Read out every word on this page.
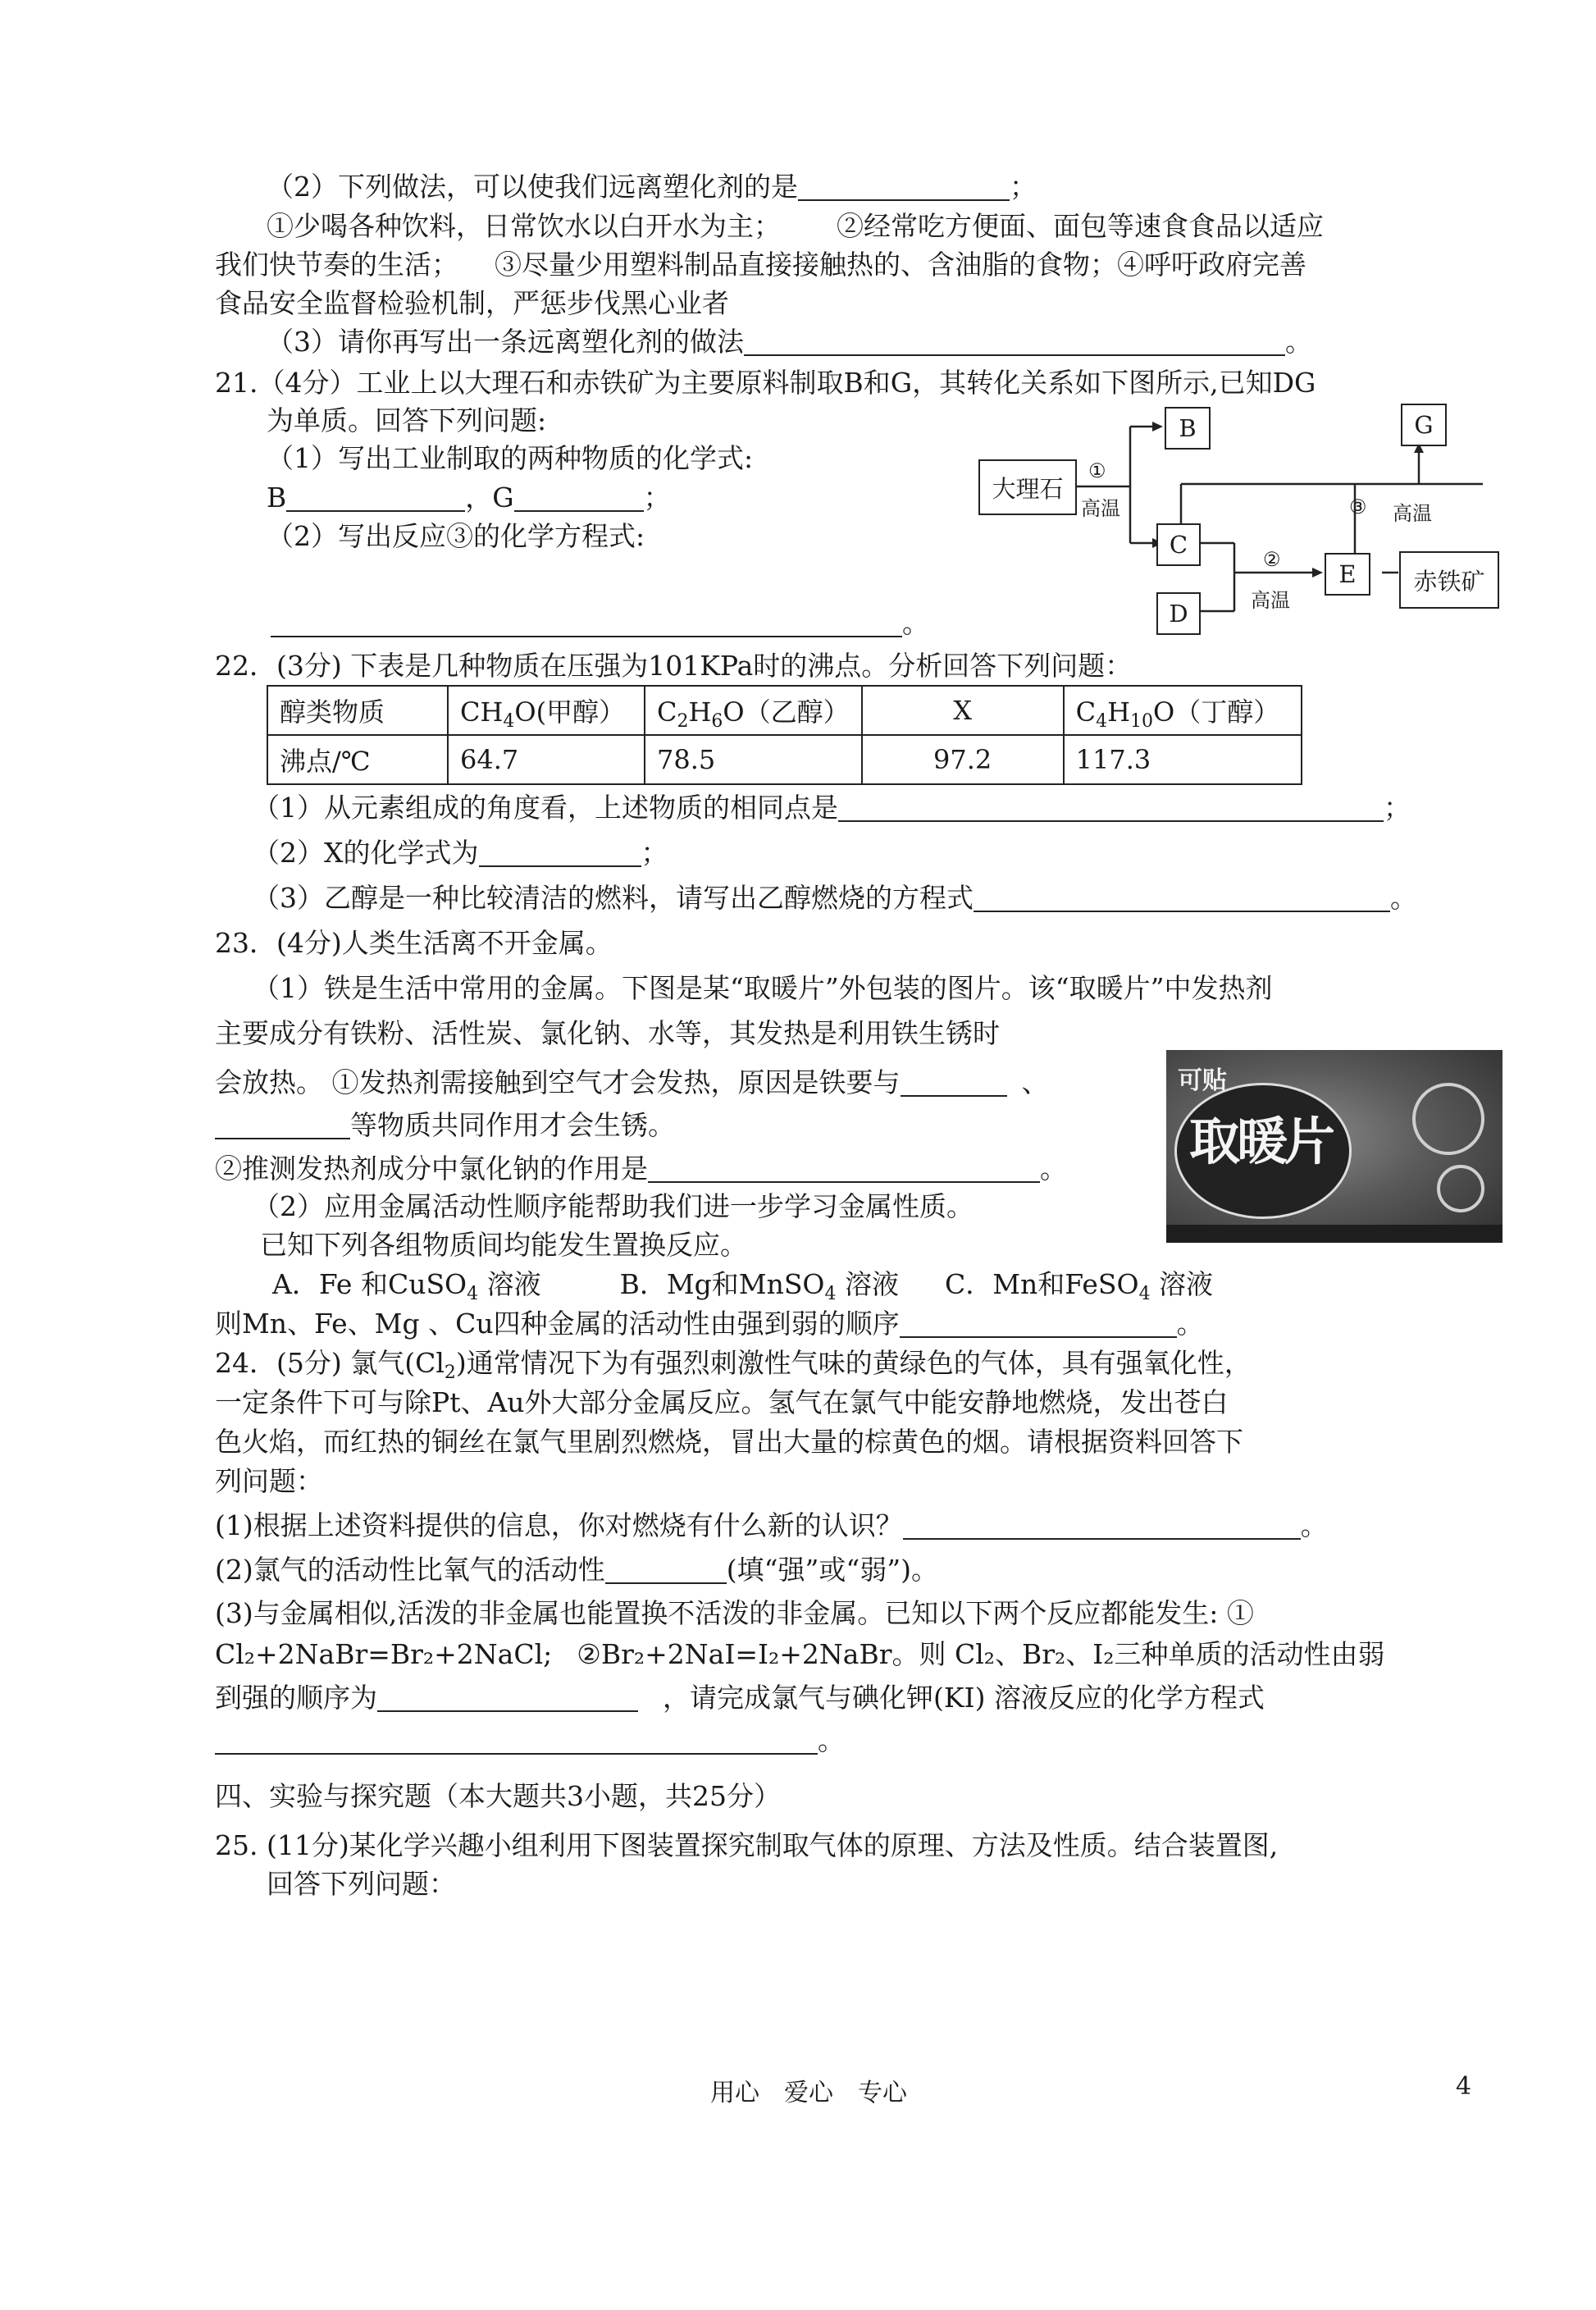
（2）下列做法，可以使我们远离塑化剂的是	；
①少喝各种饮料，日常饮水以白开水为主； ②经常吃方便面、面包等速食食品以适应
我们快节奏的生活； ③尽量少用塑料制品直接接触热的、含油脂的食物；④呼吁政府完善
食品安全监督检验机制，严惩步伐黑心业者
（3）请你再写出一条远离塑化剂的做法	。
21.（4分）工业上以大理石和赤铁矿为主要原料制取B和G，其转化关系如下图所示,已知DG
为单质。回答下列问题:
（1）写出工业制取的两种物质的化学式:
B	，G	；
（2）写出反应③的化学方程式:
。
大理石
B	G
C
D
E	赤铁矿
①
高温
②
高温
③ 高温
22．(3分) 下表是几种物质在压强为101KPa时的沸点。分析回答下列问题：
醇类物质	$CH_4O$(甲醇）	$C_2H_6O$（乙醇）	X	$C_4H_{10}O$（丁醇）
沸点/℃	64.7	78.5	97.2	117.3
（1）从元素组成的角度看，上述物质的相同点是	；
（2）X的化学式为	；
（3）乙醇是一种比较清洁的燃料，请写出乙醇燃烧的方程式	。
23．(4分)人类生活离不开金属。
（1）铁是生活中常用的金属。下图是某“取暖片”外包装的图片。该“取暖片”中发热剂
主要成分有铁粉、活性炭、氯化钠、水等，其发热是利用铁生锈时
会放热。 ①发热剂需接触到空气才会发热，原因是铁要与	、
等物质共同作用才会生锈。
②推测发热剂成分中氯化钠的作用是	。
（2）应用金属活动性顺序能帮助我们进一步学习金属性质。
已知下列各组物质间均能发生置换反应。
A．Fe 和CuSO$_4$ 溶液	B．Mg和MnSO$_4$ 溶液 C．Mn和FeSO$_4$ 溶液
则Mn、Fe、Mg 、Cu四种金属的活动性由强到弱的顺序	。
可贴
取暖片
24．(5分) 氯气$(Cl_2)$通常情况下为有强烈刺激性气味的黄绿色的气体，具有强氧化性，
一定条件下可与除Pt、Au外大部分金属反应。氢气在氯气中能安静地燃烧，发出苍白
色火焰，而红热的铜丝在氯气里剧烈燃烧，冒出大量的棕黄色的烟。请根据资料回答下
列问题：
(1)根据上述资料提供的信息，你对燃烧有什么新的认识？	。
(2)氯气的活动性比氧气的活动性	(填“强”或“弱”)。
(3)与金属相似,活泼的非金属也能置换不活泼的非金属。已知以下两个反应都能发生: ①
Cl₂+2NaBr=Br₂+2NaCl; ②Br₂+2NaI=I₂+2NaBr。则 Cl₂、Br₂、I₂三种单质的活动性由弱
到强的顺序为	，请完成氯气与碘化钾(KI) 溶液反应的化学方程式
。
四、实验与探究题（本大题共3小题，共25分）
25. (11分)某化学兴趣小组利用下图装置探究制取气体的原理、方法及性质。结合装置图,
回答下列问题：
用心　爱心　专心	4
